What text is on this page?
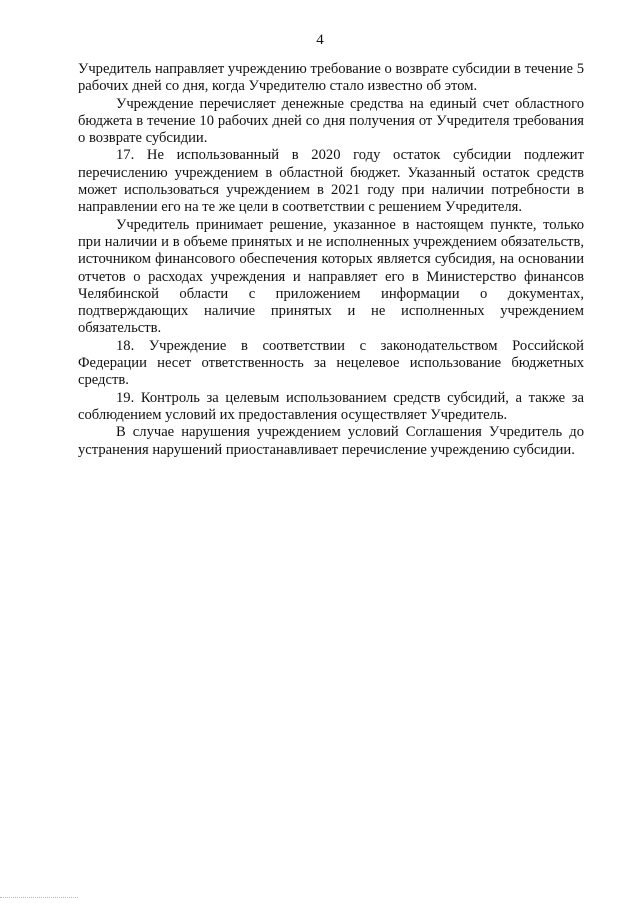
4

Учредитель направляет учреждению требование о возврате субсидии в течение 5 рабочих дней со дня, когда Учредителю стало известно об этом.

Учреждение перечисляет денежные средства на единый счет областного бюджета в течение 10 рабочих дней со дня получения от Учредителя требования о возврате субсидии.

17. Не использованный в 2020 году остаток субсидии подлежит перечислению учреждением в областной бюджет. Указанный остаток средств может использоваться учреждением в 2021 году при наличии потребности в направлении его на те же цели в соответствии с решением Учредителя.

Учредитель принимает решение, указанное в настоящем пункте, только при наличии и в объеме принятых и не исполненных учреждением обязательств, источником финансового обеспечения которых является субсидия, на основании отчетов о расходах учреждения и направляет его в Министерство финансов Челябинской области с приложением информации о документах, подтверждающих наличие принятых и не исполненных учреждением обязательств.

18. Учреждение в соответствии с законодательством Российской Федерации несет ответственность за нецелевое использование бюджетных средств.

19. Контроль за целевым использованием средств субсидий, а также за соблюдением условий их предоставления осуществляет Учредитель.

В случае нарушения учреждением условий Соглашения Учредитель до устранения нарушений приостанавливает перечисление учреждению субсидии.
